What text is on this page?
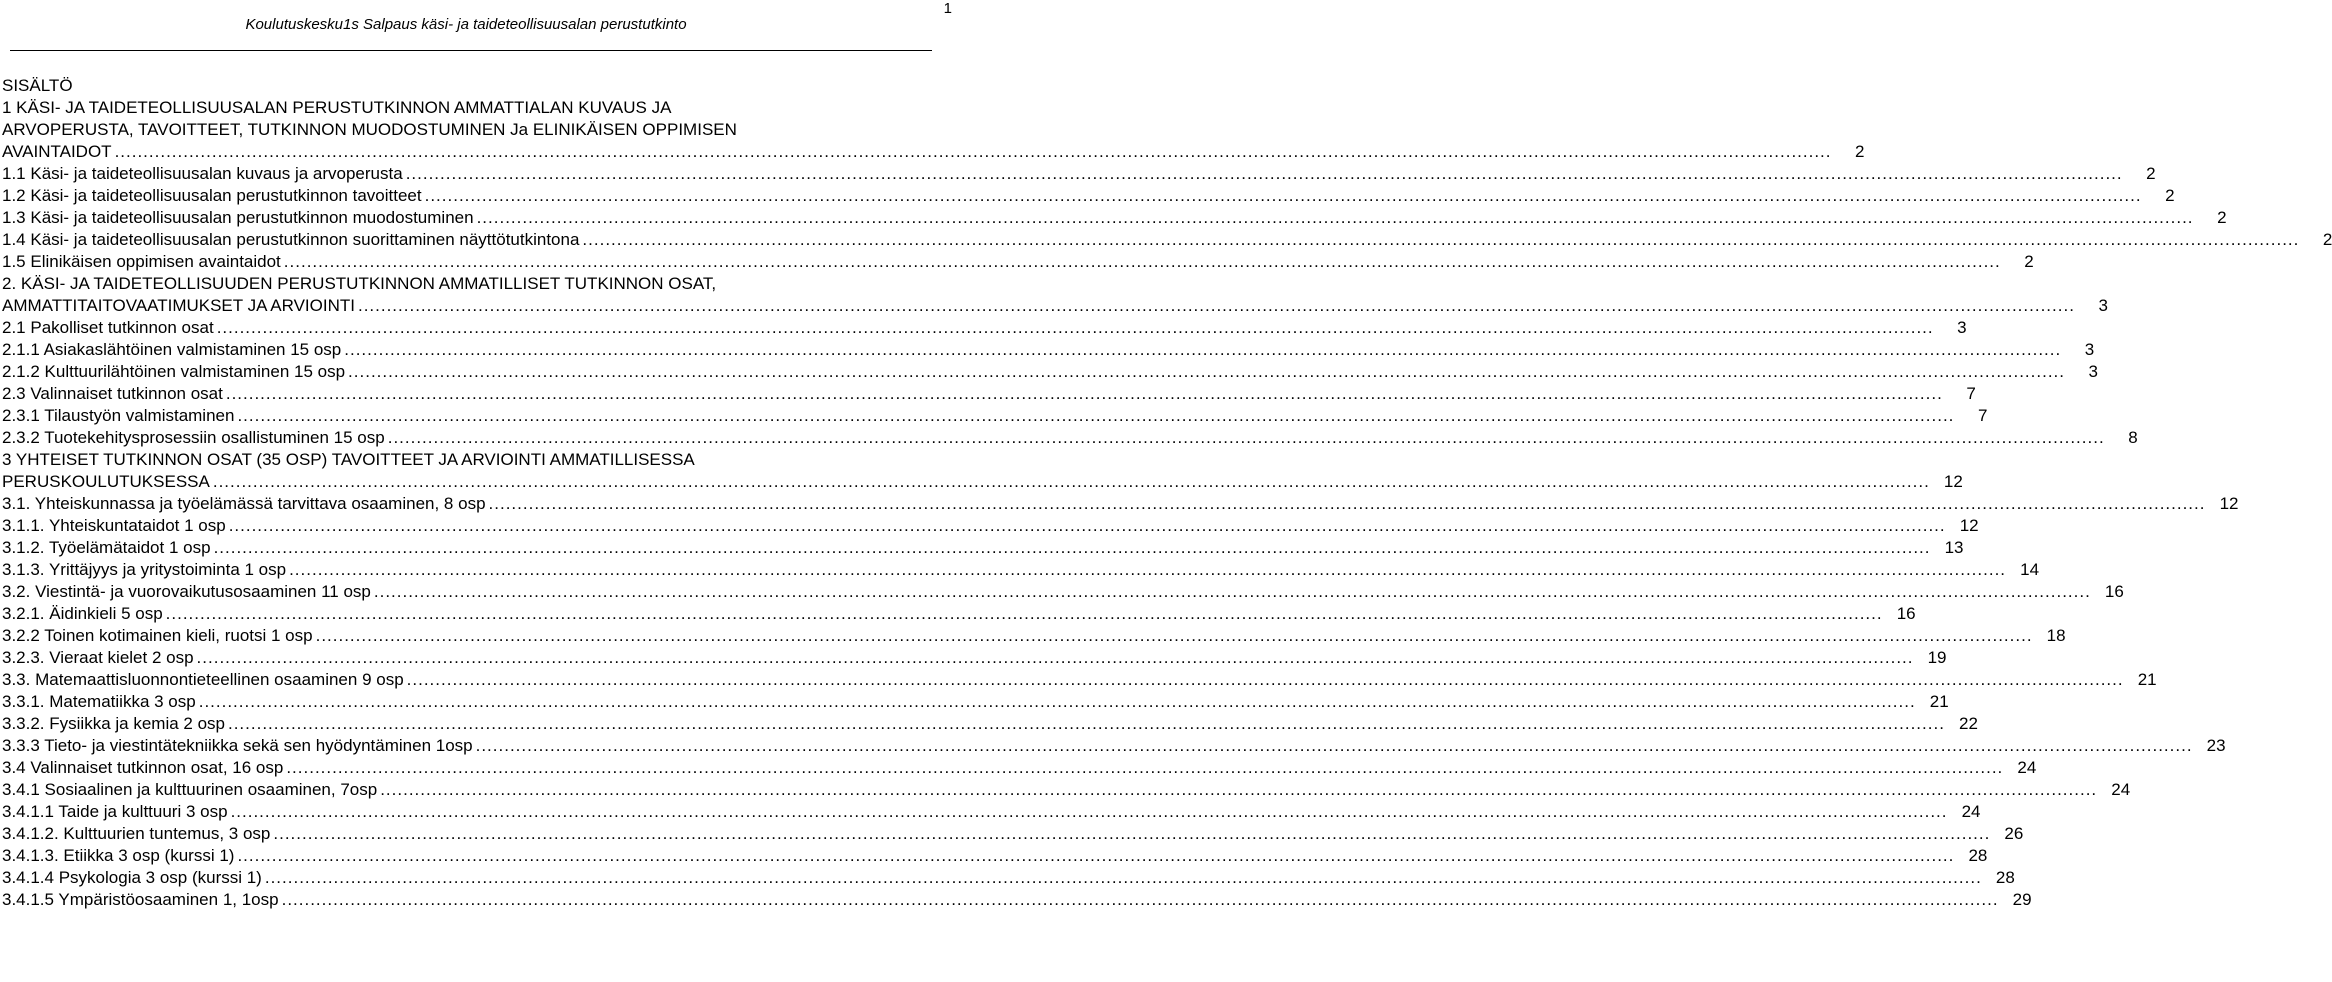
Koulutuskesku1s Salpaus käsi- ja taideteollisuusalan perustutkinto
1
SISÄLTÖ
1 KÄSI- JA TAIDETEOLLISUUSALAN PERUSTUTKINNON AMMATTIALAN KUVAUS JA
ARVOPERUSTA, TAVOITTEET, TUTKINNON MUODOSTUMINEN Ja ELINIKÄISEN OPPIMISEN
AVAINTAIDOT ............................................................................................................................................................................................................................................................................................................	2
1.1 Käsi- ja taideteollisuusalan kuvaus ja arvoperusta ............................................................................................................................................................................................................................................................................................................	2
1.2 Käsi- ja taideteollisuusalan perustutkinnon tavoitteet ............................................................................................................................................................................................................................................................................................................	2
1.3 Käsi- ja taideteollisuusalan perustutkinnon muodostuminen ............................................................................................................................................................................................................................................................................................................	2
1.4 Käsi- ja taideteollisuusalan perustutkinnon suorittaminen näyttötutkintona ............................................................................................................................................................................................................................................................................................................	2
1.5 Elinikäisen oppimisen avaintaidot ............................................................................................................................................................................................................................................................................................................	2
2. KÄSI- JA TAIDETEOLLISUUDEN PERUSTUTKINNON AMMATILLISET TUTKINNON OSAT,
AMMATTITAITOVAATIMUKSET JA ARVIOINTI ............................................................................................................................................................................................................................................................................................................	3
2.1 Pakolliset tutkinnon osat ............................................................................................................................................................................................................................................................................................................	3
2.1.1 Asiakaslähtöinen valmistaminen 15 osp ............................................................................................................................................................................................................................................................................................................	3
2.1.2 Kulttuurilähtöinen valmistaminen 15 osp ............................................................................................................................................................................................................................................................................................................	3
2.3 Valinnaiset tutkinnon osat ............................................................................................................................................................................................................................................................................................................	7
2.3.1 Tilaustyön valmistaminen ............................................................................................................................................................................................................................................................................................................	7
2.3.2 Tuotekehitysprosessiin osallistuminen 15 osp ............................................................................................................................................................................................................................................................................................................	8
3 YHTEISET TUTKINNON OSAT (35 OSP) TAVOITTEET JA ARVIOINTI AMMATILLISESSA
PERUSKOULUTUKSESSA ............................................................................................................................................................................................................................................................................................................ 12
3.1. Yhteiskunnassa ja työelämässä tarvittava osaaminen, 8 osp ............................................................................................................................................................................................................................................................................................................ 12
3.1.1. Yhteiskuntataidot 1 osp ............................................................................................................................................................................................................................................................................................................ 12
3.1.2. Työelämätaidot 1 osp ............................................................................................................................................................................................................................................................................................................ 13
3.1.3. Yrittäjyys ja yritystoiminta 1 osp ............................................................................................................................................................................................................................................................................................................ 14
3.2. Viestintä- ja vuorovaikutusosaaminen 11 osp ............................................................................................................................................................................................................................................................................................................ 16
3.2.1. Äidinkieli 5 osp ............................................................................................................................................................................................................................................................................................................ 16
3.2.2 Toinen kotimainen kieli, ruotsi 1 osp ............................................................................................................................................................................................................................................................................................................ 18
3.2.3. Vieraat kielet 2 osp ............................................................................................................................................................................................................................................................................................................ 19
3.3. Matemaattisluonnontieteellinen osaaminen 9 osp ............................................................................................................................................................................................................................................................................................................ 21
3.3.1. Matematiikka 3 osp ............................................................................................................................................................................................................................................................................................................ 21
3.3.2. Fysiikka ja kemia 2 osp ............................................................................................................................................................................................................................................................................................................ 22
3.3.3 Tieto- ja viestintätekniikka sekä sen hyödyntäminen 1osp ............................................................................................................................................................................................................................................................................................................ 23
3.4 Valinnaiset tutkinnon osat, 16 osp ............................................................................................................................................................................................................................................................................................................ 24
3.4.1 Sosiaalinen ja kulttuurinen osaaminen, 7osp ............................................................................................................................................................................................................................................................................................................ 24
3.4.1.1 Taide ja kulttuuri 3 osp ............................................................................................................................................................................................................................................................................................................ 24
3.4.1.2. Kulttuurien tuntemus, 3 osp ............................................................................................................................................................................................................................................................................................................ 26
3.4.1.3. Etiikka 3 osp (kurssi 1) ............................................................................................................................................................................................................................................................................................................ 28
3.4.1.4 Psykologia 3 osp (kurssi 1) ............................................................................................................................................................................................................................................................................................................ 28
3.4.1.5 Ympäristöosaaminen 1, 1osp ............................................................................................................................................................................................................................................................................................................ 29
